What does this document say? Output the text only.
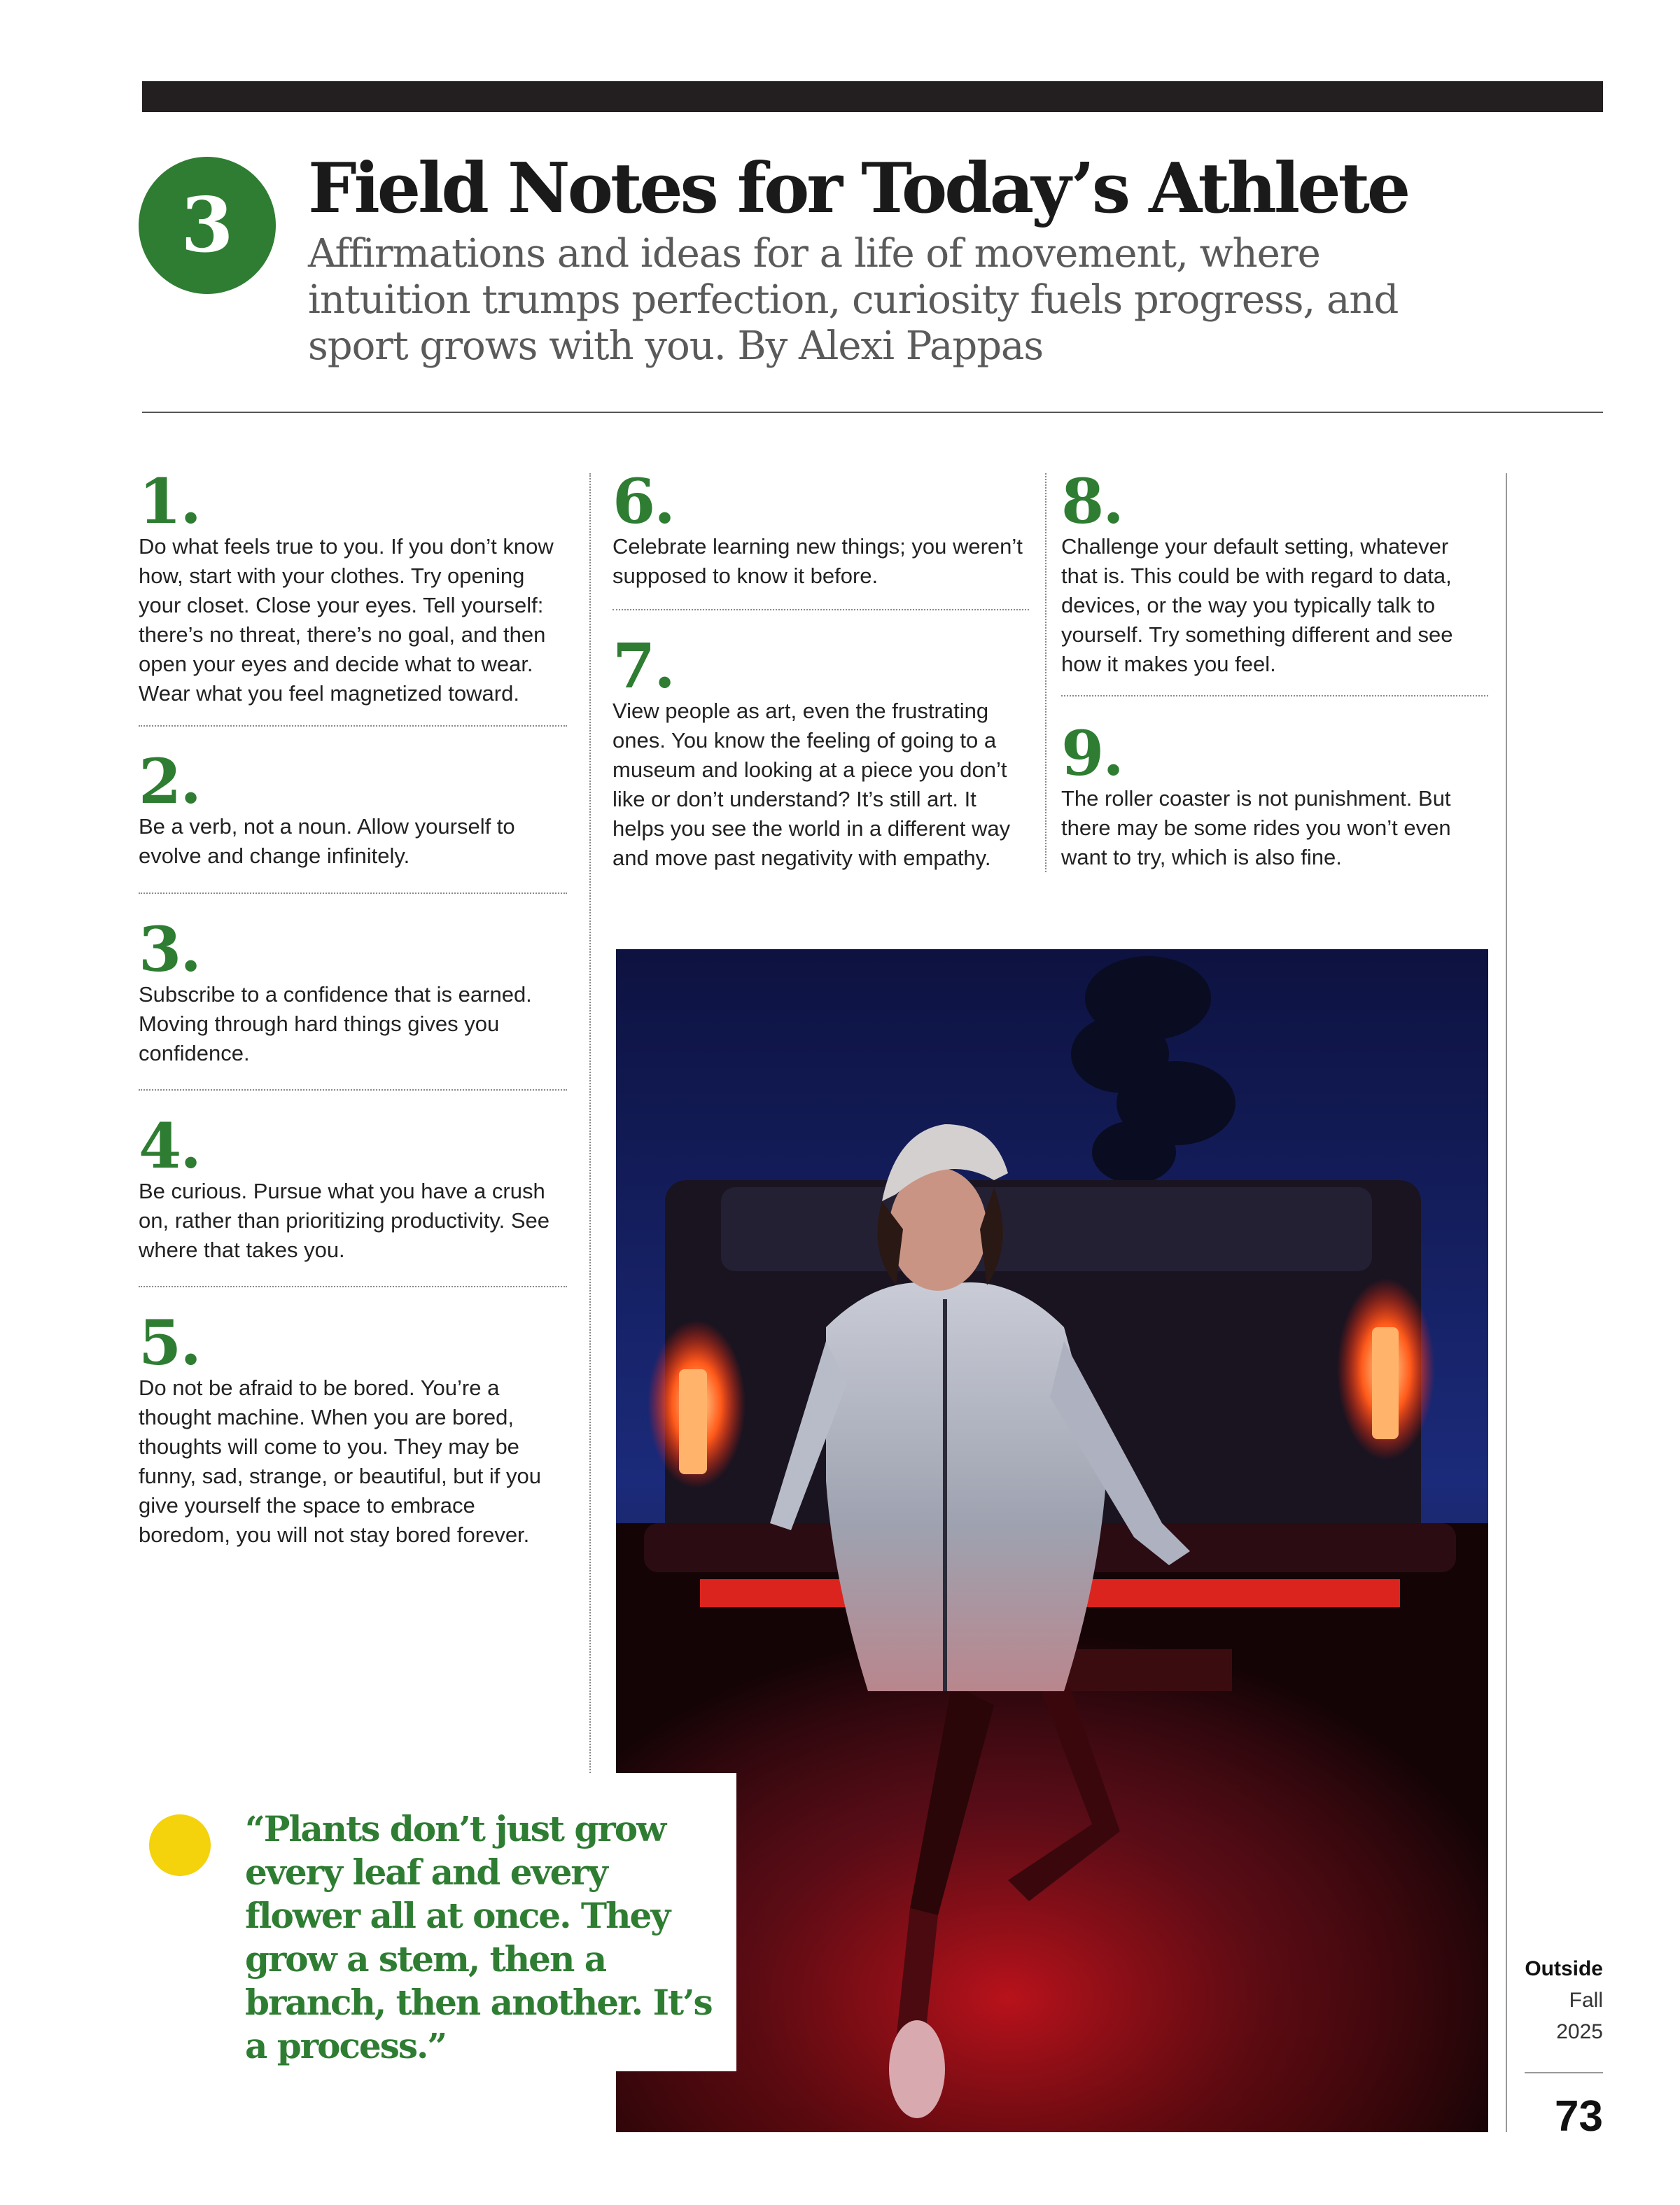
3	Field Notes for Today’s Athlete

Affirmations and ideas for a life of movement, where intuition trumps perfection, curiosity fuels progress, and sport grows with you. By Alexi Pappas

1.
Do what feels true to you. If you don’t know how, start with your clothes. Try opening your closet. Close your eyes. Tell yourself: there’s no threat, there’s no goal, and then open your eyes and decide what to wear. Wear what you feel magnetized toward.
2.
Be a verb, not a noun. Allow yourself to evolve and change infinitely.
3.
Subscribe to a confidence that is earned. Moving through hard things gives you confidence.
4.
Be curious. Pursue what you have a crush on, rather than prioritizing productivity. See where that takes you.
5.
Do not be afraid to be bored. You’re a thought machine. When you are bored, thoughts will come to you. They may be funny, sad, strange, or beautiful, but if you give yourself the space to embrace boredom, you will not stay bored forever.
6.
Celebrate learning new things; you weren’t supposed to know it before.
7.
View people as art, even the frustrating ones. You know the feeling of going to a museum and looking at a piece you don’t like or don’t understand? It’s still art. It helps you see the world in a different way and move past negativity with empathy.
8.
Challenge your default setting, whatever that is. This could be with regard to data, devices, or the way you typically talk to yourself. Try something different and see how it makes you feel.
9.
The roller coaster is not punishment. But there may be some rides you won’t even want to try, which is also fine.
“Plants don’t just grow every leaf and every flower all at once. They grow a stem, then a branch, then another. It’s a process.”
Outside
Fall
2025
73
